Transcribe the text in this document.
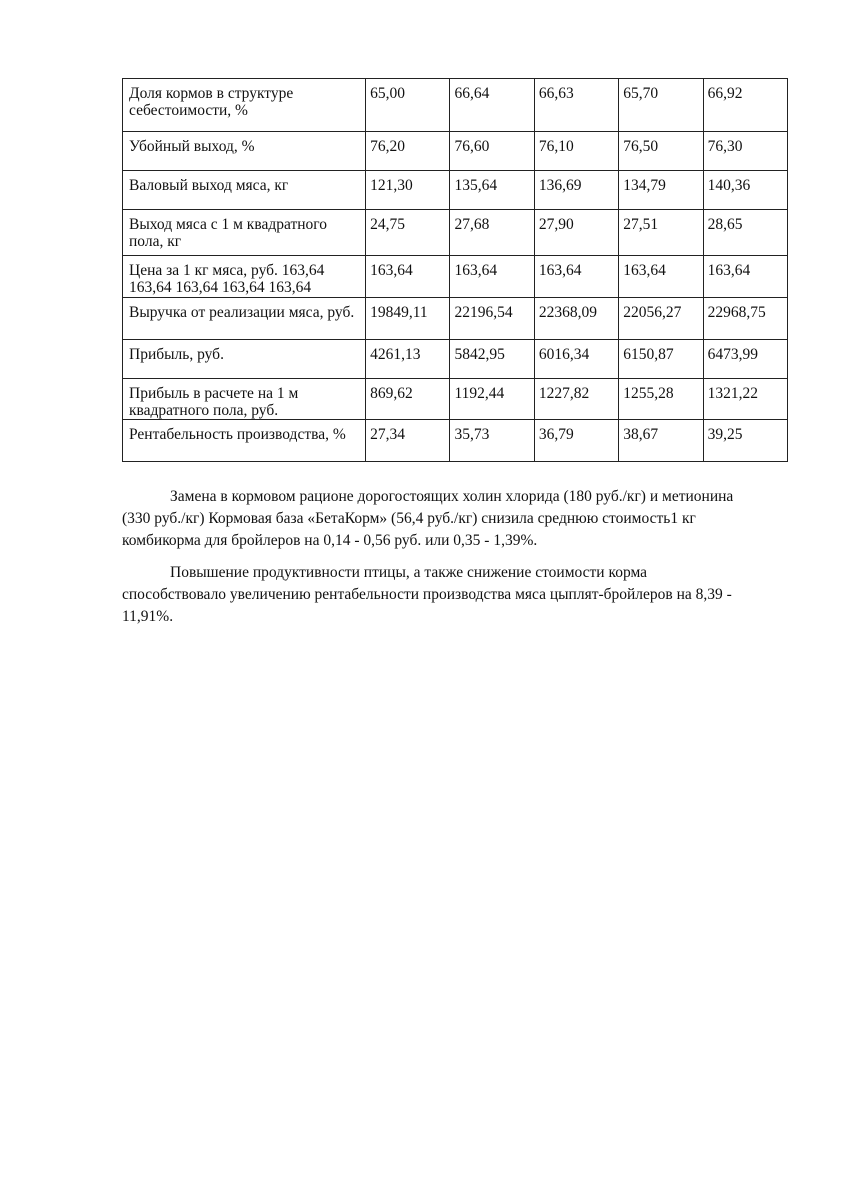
Доля кормов в структуре себестоимости, %	65,00	66,64	66,63	65,70	66,92
Убойный выход, %	76,20	76,60	76,10	76,50	76,30
Валовый выход мяса, кг	121,30	135,64	136,69	134,79	140,36
Выход мяса с 1 м квадратного пола, кг	24,75	27,68	27,90	27,51	28,65
Цена за 1 кг мяса, руб. 163,64 163,64 163,64 163,64 163,64	163,64	163,64	163,64	163,64	163,64
Выручка от реализации мяса, руб.	19849,11	22196,54	22368,09	22056,27	22968,75
Прибыль, руб.	4261,13	5842,95	6016,34	6150,87	6473,99
Прибыль в расчете на 1 м квадратного пола, руб.	869,62	1192,44	1227,82	1255,28	1321,22
Рентабельность производства, %	27,34	35,73	36,79	38,67	39,25

Замена в кормовом рационе дорогостоящих холин хлорида (180 руб./кг) и метионина (330 руб./кг) Кормовая база «БетаКорм» (56,4 руб./кг) снизила среднюю стоимость1 кг комбикорма для бройлеров на 0,14 - 0,56 руб. или 0,35 - 1,39%.

Повышение продуктивности птицы, а также снижение стоимости корма способствовало увеличению рентабельности производства мяса цыплят-бройлеров на 8,39 - 11,91%.
